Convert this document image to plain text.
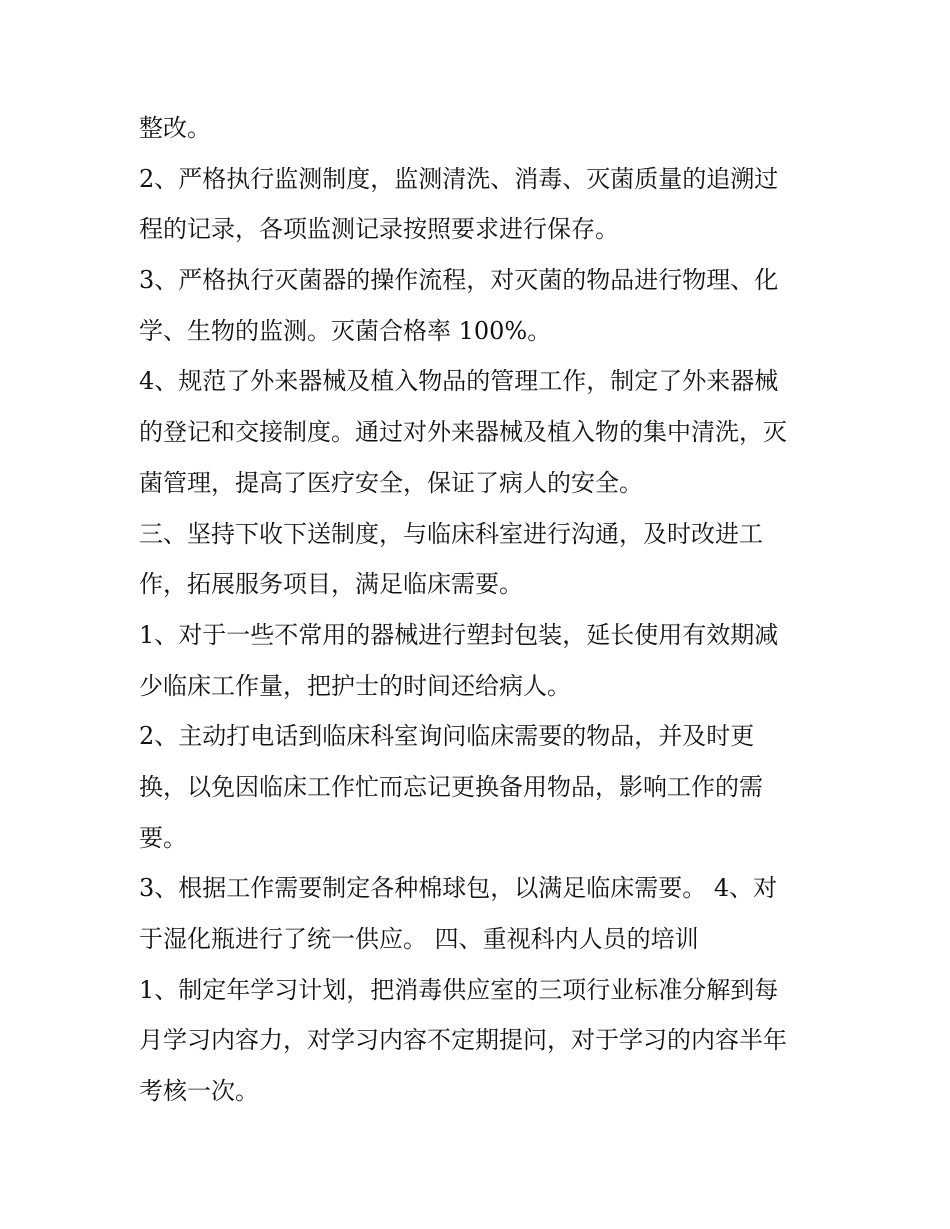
整改。
2、严格执行监测制度，监测清洗、消毒、灭菌质量的追溯过
程的记录，各项监测记录按照要求进行保存。
3、严格执行灭菌器的操作流程，对灭菌的物品进行物理、化
学、生物的监测。灭菌合格率 100%。
4、规范了外来器械及植入物品的管理工作，制定了外来器械
的登记和交接制度。通过对外来器械及植入物的集中清洗，灭
菌管理，提高了医疗安全，保证了病人的安全。
三、坚持下收下送制度，与临床科室进行沟通，及时改进工
作，拓展服务项目，满足临床需要。
1、对于一些不常用的器械进行塑封包装，延长使用有效期减
少临床工作量，把护士的时间还给病人。
2、主动打电话到临床科室询问临床需要的物品，并及时更
换，以免因临床工作忙而忘记更换备用物品，影响工作的需
要。
3、根据工作需要制定各种棉球包，以满足临床需要。 4、对
于湿化瓶进行了统一供应。 四、重视科内人员的培训
1、制定年学习计划，把消毒供应室的三项行业标准分解到每
月学习内容力，对学习内容不定期提问，对于学习的内容半年
考核一次。
